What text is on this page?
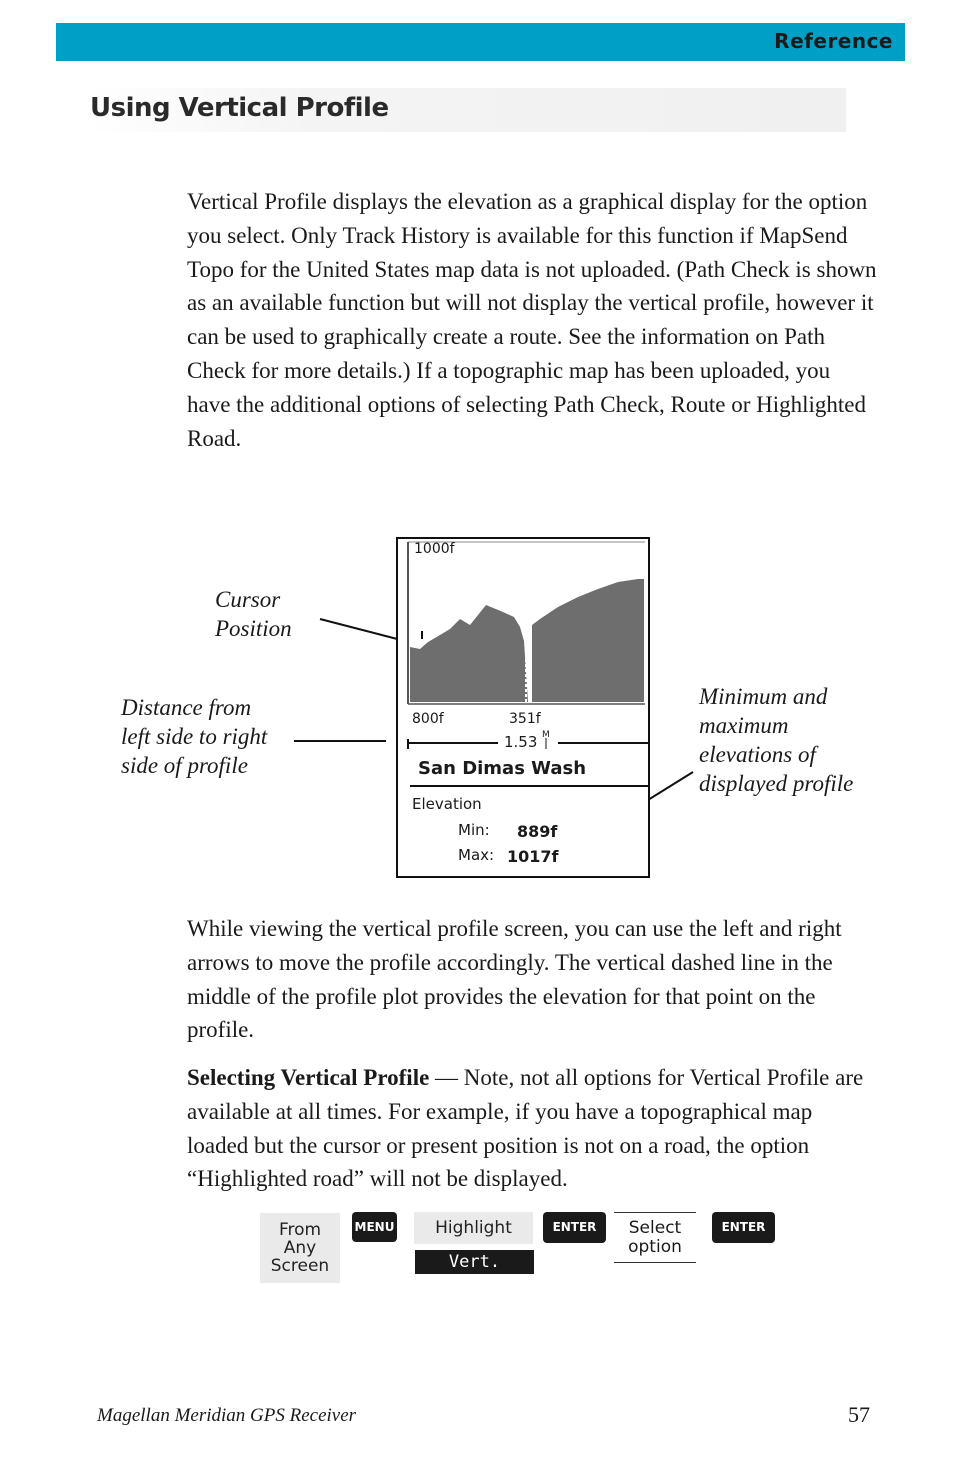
Reference
Using Vertical Profile

Vertical Profile displays the elevation as a graphical display for the option you select. Only Track History is available for this function if MapSend Topo for the United States map data is not uploaded. (Path Check is shown as an available function but will not display the vertical profile, however it can be used to graphically create a route. See the information on Path Check for more details.) If a topographic map has been uploaded, you have the additional options of selecting Path Check, Route or Highlighted Road.

Cursor
Position
Distance from
left side to right
side of profile
Minimum and
maximum
elevations of
displayed profile
1000f
800f	351f
1.53 M
San Dimas Wash
Elevation
Min: 889f
Max: 1017f

While viewing the vertical profile screen, you can use the left and right arrows to move the profile accordingly. The vertical dashed line in the middle of the profile plot provides the elevation for that point on the profile.

Selecting Vertical Profile — Note, not all options for Vertical Profile are available at all times. For example, if you have a topographical map loaded but the cursor or present position is not on a road, the option “Highlighted road” will not be displayed.

From
Any
Screen
MENU	Highlight
Vert. Profile
ENTER	Select
option
ENTER
Magellan Meridian GPS Receiver	57
